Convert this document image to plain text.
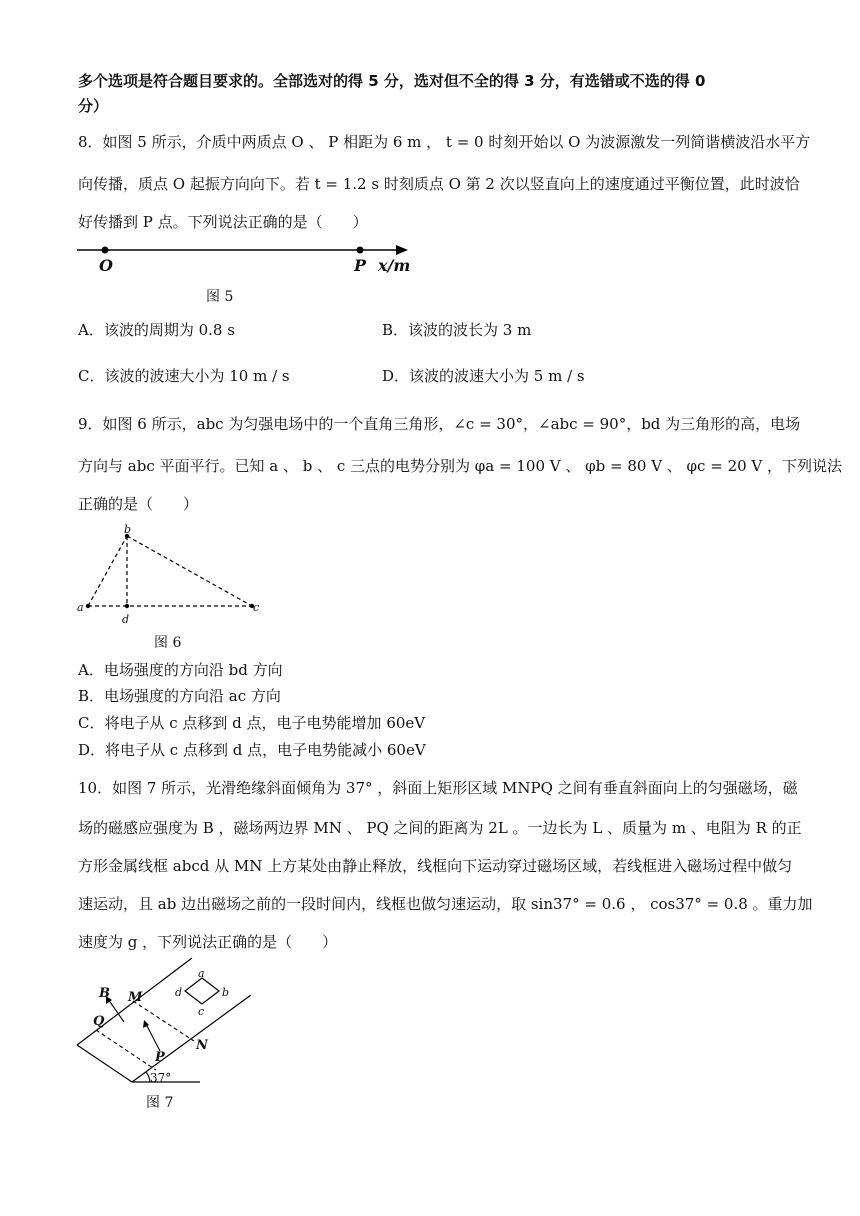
多个选项是符合题目要求的。全部选对的得 5 分，选对但不全的得 3 分，有选错或不选的得 0
分）
8．如图 5 所示，介质中两质点 O 、 P 相距为 6 m ， t = 0 时刻开始以 O 为波源激发一列简谐横波沿水平方
向传播，质点 O 起振方向向下。若 t = 1.2 s 时刻质点 O 第 2 次以竖直向上的速度通过平衡位置，此时波恰
好传播到 P 点。下列说法正确的是（　　）
O	P x/m
图 5
A．该波的周期为 0.8 s	B．该波的波长为 3 m
C．该波的波速大小为 10 m / s	D．该波的波速大小为 5 m / s
9．如图 6 所示，abc 为匀强电场中的一个直角三角形，∠c = 30°，∠abc = 90°，bd 为三角形的高，电场
方向与 abc 平面平行。已知 a 、 b 、 c 三点的电势分别为 φa = 100 V 、 φb = 80 V 、 φc = 20 V ，下列说法
正确的是（　　）
b
a	c
d
图 6
A．电场强度的方向沿 bd 方向
B．电场强度的方向沿 ac 方向
C．将电子从 c 点移到 d 点，电子电势能增加 60eV
D．将电子从 c 点移到 d 点，电子电势能减小 60eV
10．如图 7 所示，光滑绝缘斜面倾角为 37° ，斜面上矩形区域 MNPQ 之间有垂直斜面向上的匀强磁场，磁
场的磁感应强度为 B ，磁场两边界 MN 、 PQ 之间的距离为 2L 。一边长为 L 、质量为 m 、电阻为 R 的正
方形金属线框 abcd 从 MN 上方某处由静止释放，线框向下运动穿过磁场区域，若线框进入磁场过程中做匀
速运动，且 ab 边出磁场之前的一段时间内，线框也做匀速运动，取 sin37° = 0.6 ， cos37° = 0.8 。重力加
速度为 g ，下列说法正确的是（　　）
B M
Q
P
N
a
b
c
d
37°
图 7
